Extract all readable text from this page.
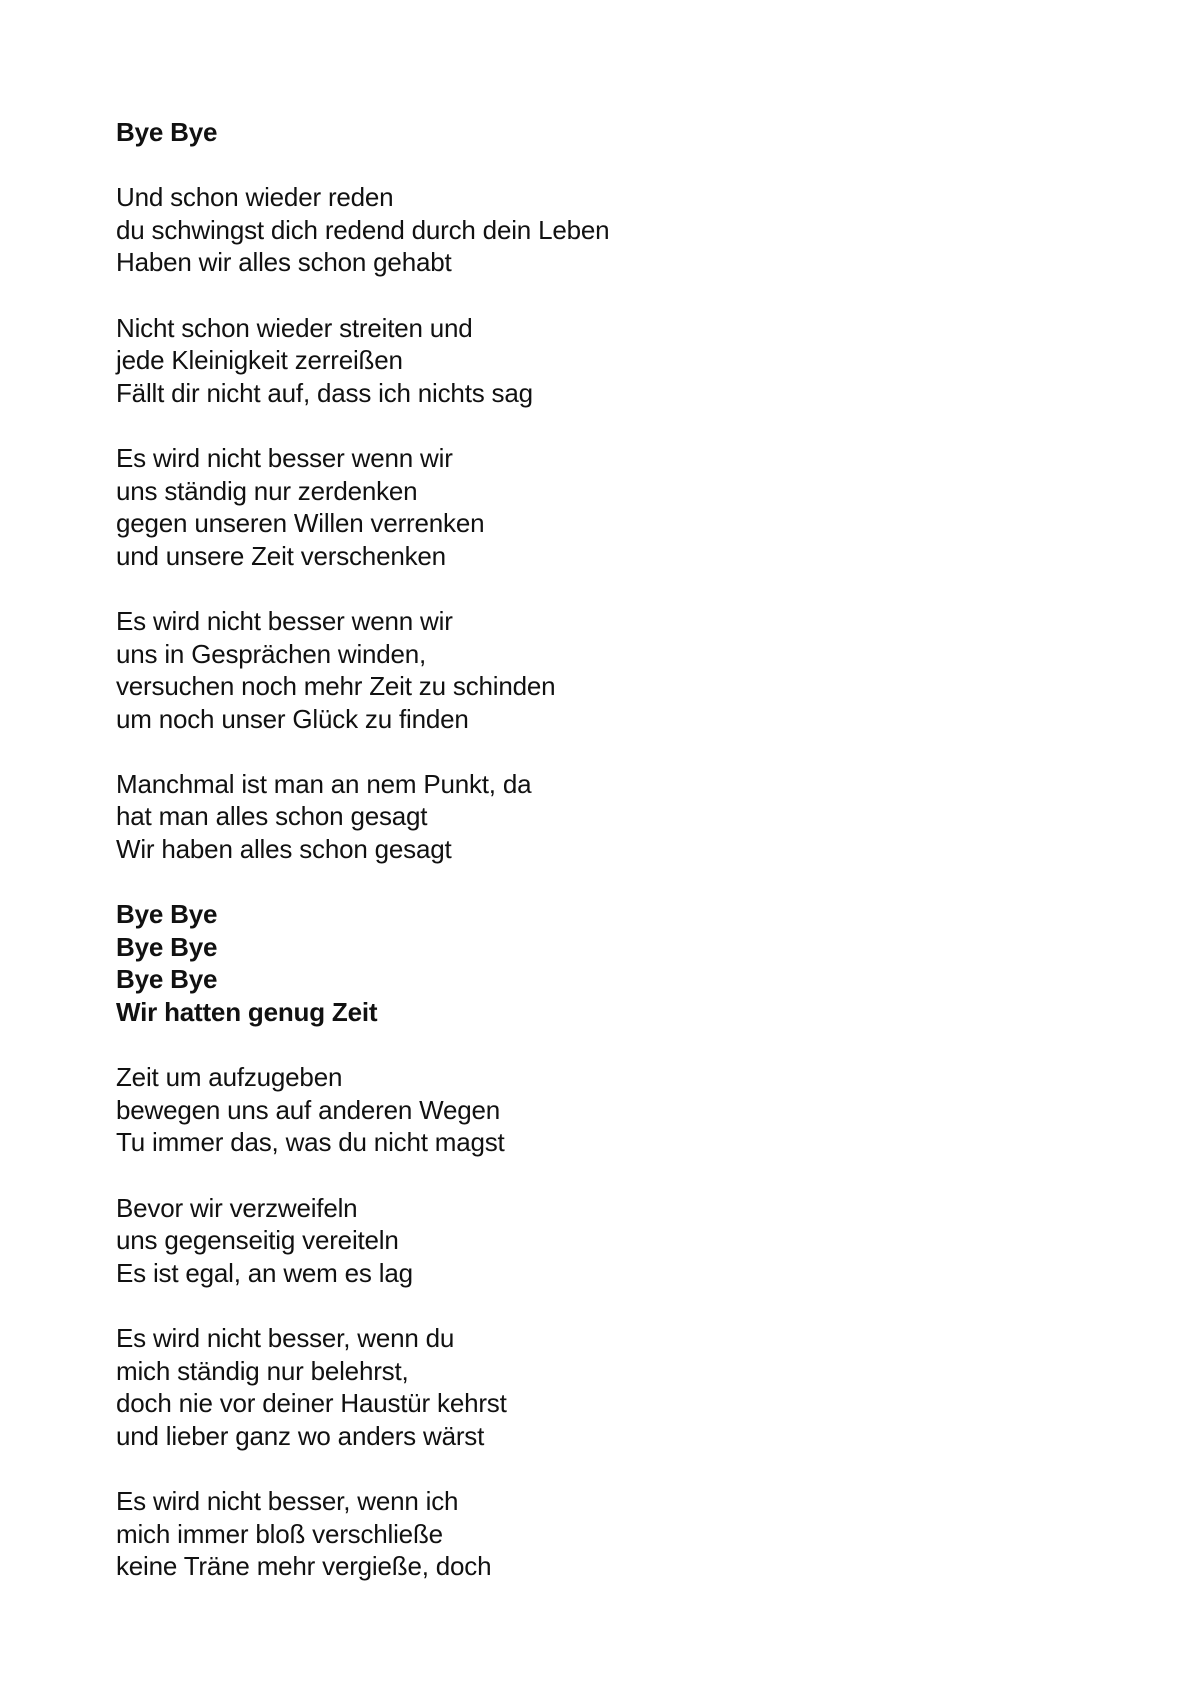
Bye Bye
Und schon wieder reden
du schwingst dich redend durch dein Leben
Haben wir alles schon gehabt
Nicht schon wieder streiten und
jede Kleinigkeit zerreißen
Fällt dir nicht auf, dass ich nichts sag
Es wird nicht besser wenn wir
uns ständig nur zerdenken
gegen unseren Willen verrenken
und unsere Zeit verschenken
Es wird nicht besser wenn wir
uns in Gesprächen winden,
versuchen noch mehr Zeit zu schinden
um noch unser Glück zu finden
Manchmal ist man an nem Punkt, da
hat man alles schon gesagt
Wir haben alles schon gesagt
Bye Bye
Bye Bye
Bye Bye
Wir hatten genug Zeit
Zeit um aufzugeben
bewegen uns auf anderen Wegen
Tu immer das, was du nicht magst
Bevor wir verzweifeln
uns gegenseitig vereiteln
Es ist egal, an wem es lag
Es wird nicht besser, wenn du
mich ständig nur belehrst,
doch nie vor deiner Haustür kehrst
und lieber ganz wo anders wärst
Es wird nicht besser, wenn ich
mich immer bloß verschließe
keine Träne mehr vergieße, doch
